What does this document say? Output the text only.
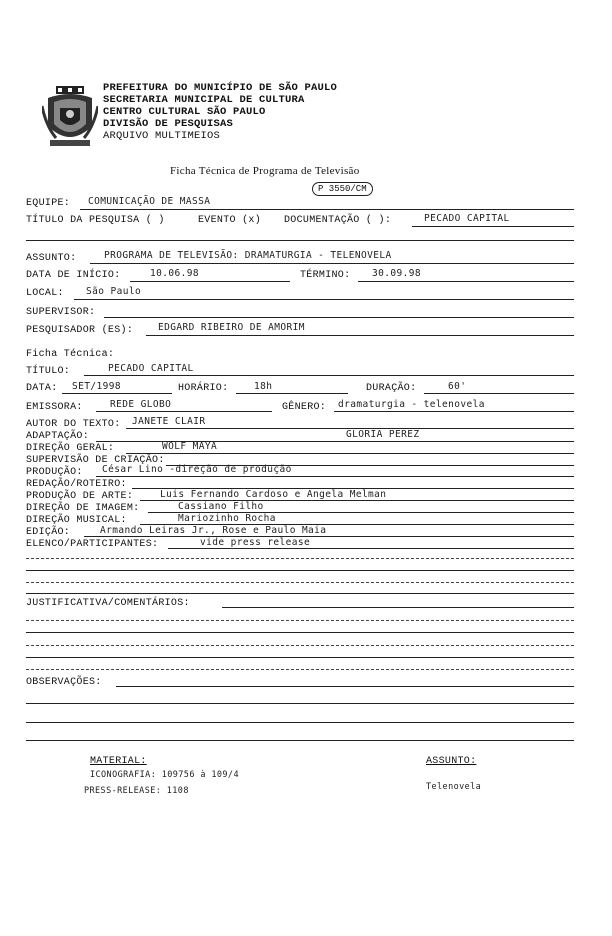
PREFEITURA DO MUNICÍPIO DE SÃO PAULO
SECRETARIA MUNICIPAL DE CULTURA
CENTRO CULTURAL SÃO PAULO
DIVISÃO DE PESQUISAS
ARQUIVO MULTIMEIOS
Ficha Técnica de Programa de Televisão
P 3550/CM
EQUIPE: COMUNICAÇÃO DE MASSA
TÍTULO DA PESQUISA ( )	EVENTO (x) DOCUMENTAÇÃO ( ):	PECADO CAPITAL
ASSUNTO:	PROGRAMA DE TELEVISÃO: DRAMATURGIA - TELENOVELA
DATA DE INÍCIO:	10.06.98	TÉRMINO: 30.09.98
LOCAL: São Paulo
SUPERVISOR:
PESQUISADOR (ES):	EDGARD RIBEIRO DE AMORIM
Ficha Técnica:
TÍTULO:	PECADO CAPITAL
DATA: SET/1998	HORÁRIO:	18h	DURAÇÃO:	60'
EMISSORA:	REDE GLOBO	GÊNERO: dramaturgia - telenovela
AUTOR DO TEXTO: JANETE CLAIR
ADAPTAÇÃO:	GLORIA PEREZ
DIREÇÃO GERAL:	WOLF MAYA
SUPERVISÃO DE CRIAÇÃO:
PRODUÇÃO: César Lino -direção de produção
REDAÇÃO/ROTEIRO:
PRODUÇÃO DE ARTE:	Luis Fernando Cardoso e Angela Melman
DIREÇÃO DE IMAGEM:	Cassiano Filho
DIREÇÃO MUSICAL:	Mariozinho Rocha
EDIÇÃO:	Armando Leiras Jr., Rose e Paulo Maia
ELENCO/PARTICIPANTES:	vide press release
JUSTIFICATIVA/COMENTÁRIOS:
OBSERVAÇÕES:
MATERIAL:
ICONOGRAFIA: 109756 à 109/4
PRESS-RELEASE: 1108
ASSUNTO:
Telenovela
